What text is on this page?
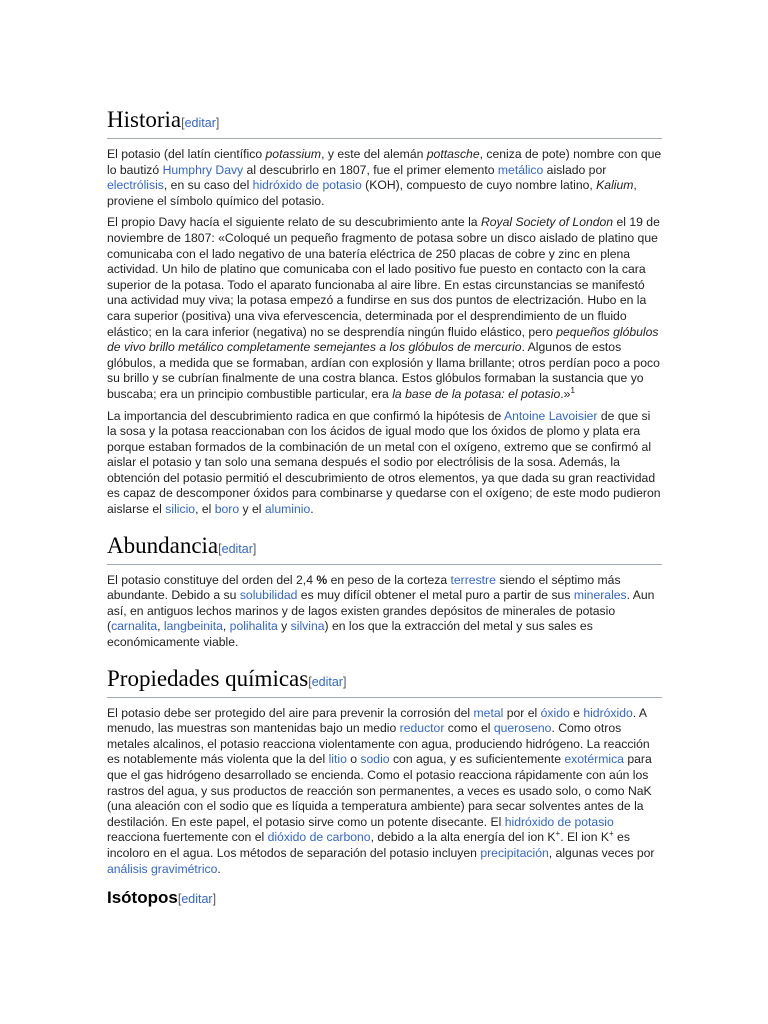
Historia[editar]

El potasio (del latín científico potassium, y este del alemán pottasche, ceniza de pote) nombre con que lo bautizó Humphry Davy al descubrirlo en 1807, fue el primer elemento metálico aislado por electrólisis, en su caso del hidróxido de potasio (KOH), compuesto de cuyo nombre latino, Kalium, proviene el símbolo químico del potasio.

El propio Davy hacía el siguiente relato de su descubrimiento ante la Royal Society of London el 19 de noviembre de 1807: «Coloqué un pequeño fragmento de potasa sobre un disco aislado de platino que comunicaba con el lado negativo de una batería eléctrica de 250 placas de cobre y zinc en plena actividad. Un hilo de platino que comunicaba con el lado positivo fue puesto en contacto con la cara superior de la potasa. Todo el aparato funcionaba al aire libre. En estas circunstancias se manifestó una actividad muy viva; la potasa empezó a fundirse en sus dos puntos de electrización. Hubo en la cara superior (positiva) una viva efervescencia, determinada por el desprendimiento de un fluido elástico; en la cara inferior (negativa) no se desprendía ningún fluido elástico, pero pequeños glóbulos de vivo brillo metálico completamente semejantes a los glóbulos de mercurio. Algunos de estos glóbulos, a medida que se formaban, ardían con explosión y llama brillante; otros perdían poco a poco su brillo y se cubrían finalmente de una costra blanca. Estos glóbulos formaban la sustancia que yo buscaba; era un principio combustible particular, era la base de la potasa: el potasio.»$^1$

La importancia del descubrimiento radica en que confirmó la hipótesis de Antoine Lavoisier de que si la sosa y la potasa reaccionaban con los ácidos de igual modo que los óxidos de plomo y plata era porque estaban formados de la combinación de un metal con el oxígeno, extremo que se confirmó al aislar el potasio y tan solo una semana después el sodio por electrólisis de la sosa. Además, la obtención del potasio permitió el descubrimiento de otros elementos, ya que dada su gran reactividad es capaz de descomponer óxidos para combinarse y quedarse con el oxígeno; de este modo pudieron aislarse el silicio, el boro y el aluminio.

Abundancia[editar]

El potasio constituye del orden del 2,4 % en peso de la corteza terrestre siendo el séptimo más abundante. Debido a su solubilidad es muy difícil obtener el metal puro a partir de sus minerales. Aun así, en antiguos lechos marinos y de lagos existen grandes depósitos de minerales de potasio (carnalita, langbeinita, polihalita y silvina) en los que la extracción del metal y sus sales es económicamente viable.

Propiedades químicas[editar]

El potasio debe ser protegido del aire para prevenir la corrosión del metal por el óxido e hidróxido. A menudo, las muestras son mantenidas bajo un medio reductor como el queroseno. Como otros metales alcalinos, el potasio reacciona violentamente con agua, produciendo hidrógeno. La reacción es notablemente más violenta que la del litio o sodio con agua, y es suficientemente exotérmica para que el gas hidrógeno desarrollado se encienda. Como el potasio reacciona rápidamente con aún los rastros del agua, y sus productos de reacción son permanentes, a veces es usado solo, o como NaK (una aleación con el sodio que es líquida a temperatura ambiente) para secar solventes antes de la destilación. En este papel, el potasio sirve como un potente disecante. El hidróxido de potasio reacciona fuertemente con el dióxido de carbono, debido a la alta energía del ion K+. El ion K+ es incoloro en el agua. Los métodos de separación del potasio incluyen precipitación, algunas veces por análisis gravimétrico.

Isótopos[editar]
